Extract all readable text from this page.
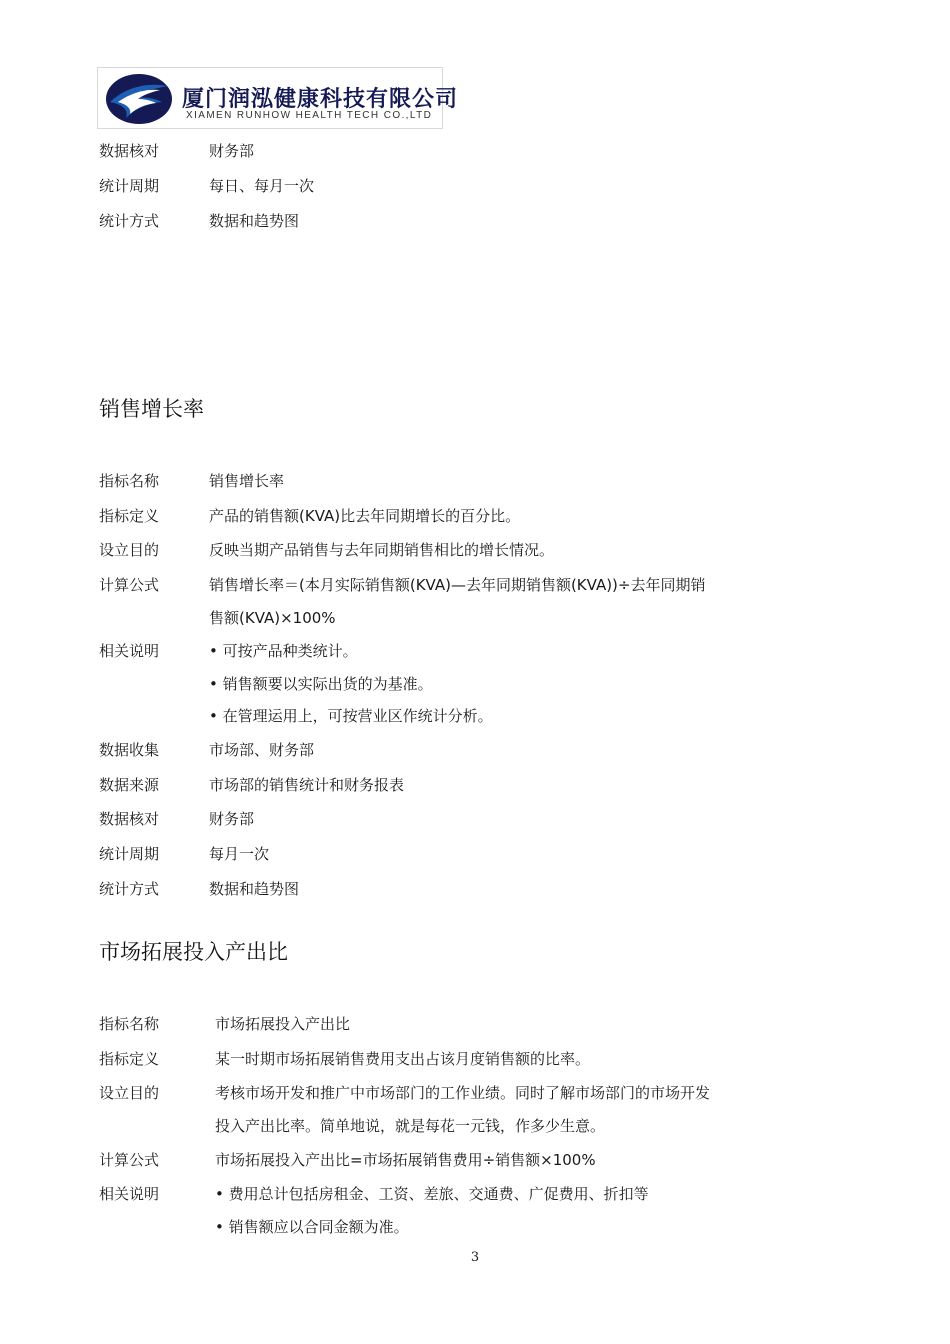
厦门润泓健康科技有限公司
XIAMEN RUNHOW HEALTH TECH CO.,LTD
数据核对	财务部
统计周期	每日、每月一次
统计方式	数据和趋势图
销售增长率
指标名称	销售增长率
指标定义	产品的销售额(KVA)比去年同期增长的百分比。
设立目的	反映当期产品销售与去年同期销售相比的增长情况。
计算公式	销售增长率＝(本月实际销售额(KVA)—去年同期销售额(KVA))÷去年同期销
售额(KVA)×100%
相关说明	• 可按产品种类统计。
• 销售额要以实际出货的为基准。
• 在管理运用上，可按营业区作统计分析。
数据收集	市场部、财务部
数据来源	市场部的销售统计和财务报表
数据核对	财务部
统计周期	每月一次
统计方式	数据和趋势图
市场拓展投入产出比
指标名称	市场拓展投入产出比
指标定义	某一时期市场拓展销售费用支出占该月度销售额的比率。
设立目的	考核市场开发和推广中市场部门的工作业绩。同时了解市场部门的市场开发
投入产出比率。简单地说，就是每花一元钱，作多少生意。
计算公式	市场拓展投入产出比=市场拓展销售费用÷销售额×100%
相关说明	• 费用总计包括房租金、工资、差旅、交通费、广促费用、折扣等
• 销售额应以合同金额为准。
3
